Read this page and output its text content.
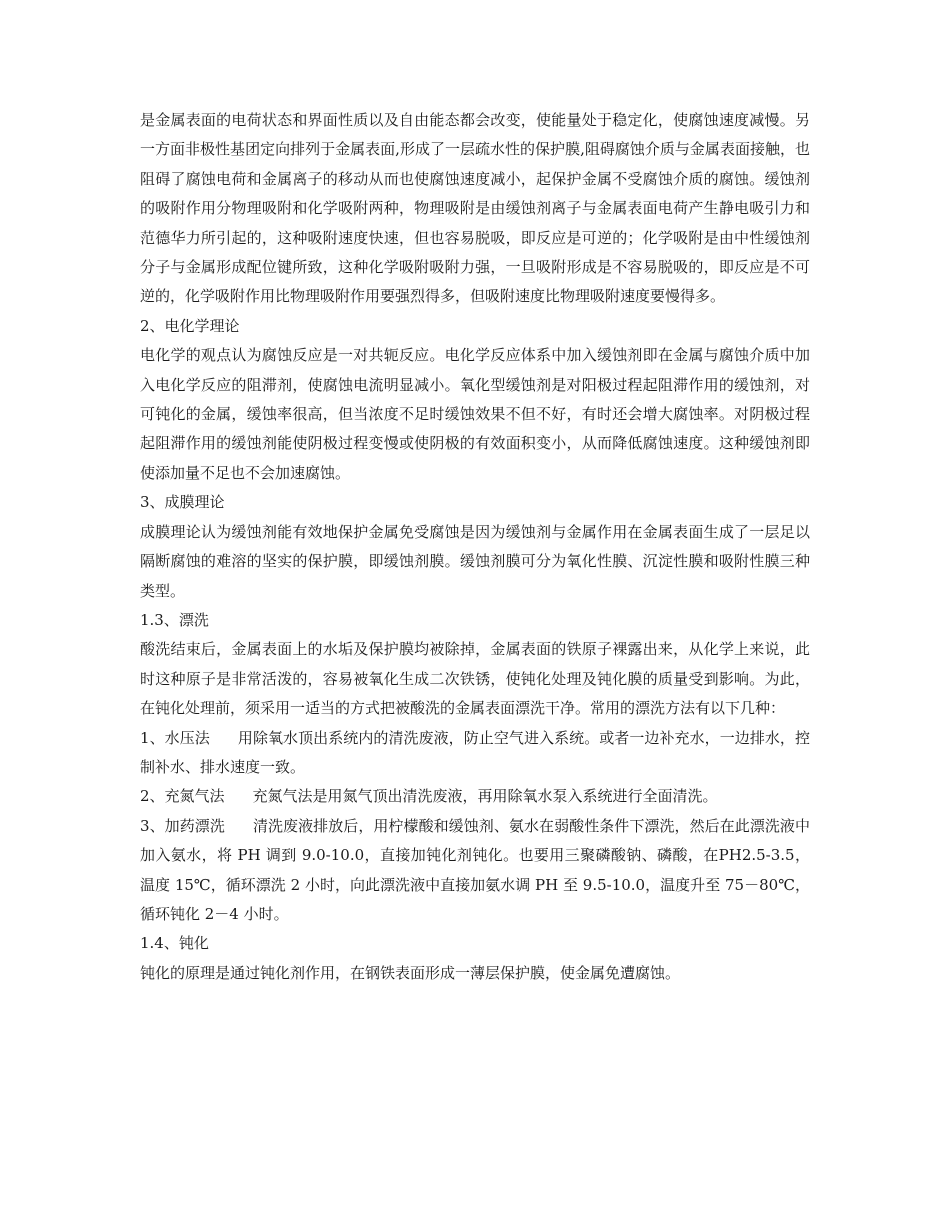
是金属表面的电荷状态和界面性质以及自由能态都会改变，使能量处于稳定化，使腐蚀速度减慢。另一方面非极性基团定向排列于金属表面,形成了一层疏水性的保护膜,阻碍腐蚀介质与金属表面接触，也阻碍了腐蚀电荷和金属离子的移动从而也使腐蚀速度减小，起保护金属不受腐蚀介质的腐蚀。缓蚀剂的吸附作用分物理吸附和化学吸附两种，物理吸附是由缓蚀剂离子与金属表面电荷产生静电吸引力和范德华力所引起的，这种吸附速度快速，但也容易脱吸，即反应是可逆的；化学吸附是由中性缓蚀剂分子与金属形成配位键所致，这种化学吸附吸附力强，一旦吸附形成是不容易脱吸的，即反应是不可逆的，化学吸附作用比物理吸附作用要强烈得多，但吸附速度比物理吸附速度要慢得多。

2、电化学理论

电化学的观点认为腐蚀反应是一对共轭反应。电化学反应体系中加入缓蚀剂即在金属与腐蚀介质中加入电化学反应的阻滞剂，使腐蚀电流明显减小。氧化型缓蚀剂是对阳极过程起阻滞作用的缓蚀剂，对可钝化的金属，缓蚀率很高，但当浓度不足时缓蚀效果不但不好，有时还会增大腐蚀率。对阴极过程起阻滞作用的缓蚀剂能使阴极过程变慢或使阴极的有效面积变小，从而降低腐蚀速度。这种缓蚀剂即使添加量不足也不会加速腐蚀。

3、成膜理论

成膜理论认为缓蚀剂能有效地保护金属免受腐蚀是因为缓蚀剂与金属作用在金属表面生成了一层足以隔断腐蚀的难溶的坚实的保护膜，即缓蚀剂膜。缓蚀剂膜可分为氧化性膜、沉淀性膜和吸附性膜三种类型。

1.3、漂洗

酸洗结束后，金属表面上的水垢及保护膜均被除掉，金属表面的铁原子裸露出来，从化学上来说，此时这种原子是非常活泼的，容易被氧化生成二次铁锈，使钝化处理及钝化膜的质量受到影响。为此，在钝化处理前，须采用一适当的方式把被酸洗的金属表面漂洗干净。常用的漂洗方法有以下几种：

1、水压法 用除氧水顶出系统内的清洗废液，防止空气进入系统。或者一边补充水，一边排水，控制补水、排水速度一致。

2、充氮气法 充氮气法是用氮气顶出清洗废液，再用除氧水泵入系统进行全面清洗。

3、加药漂洗 清洗废液排放后，用柠檬酸和缓蚀剂、氨水在弱酸性条件下漂洗，然后在此漂洗液中加入氨水，将 PH 调到 9.0-10.0，直接加钝化剂钝化。也要用三聚磷酸钠、磷酸，在PH2.5-3.5，温度 15℃，循环漂洗 2 小时，向此漂洗液中直接加氨水调 PH 至 9.5-10.0，温度升至 75－80℃，循环钝化 2－4 小时。

1.4、钝化

钝化的原理是通过钝化剂作用，在钢铁表面形成一薄层保护膜，使金属免遭腐蚀。
